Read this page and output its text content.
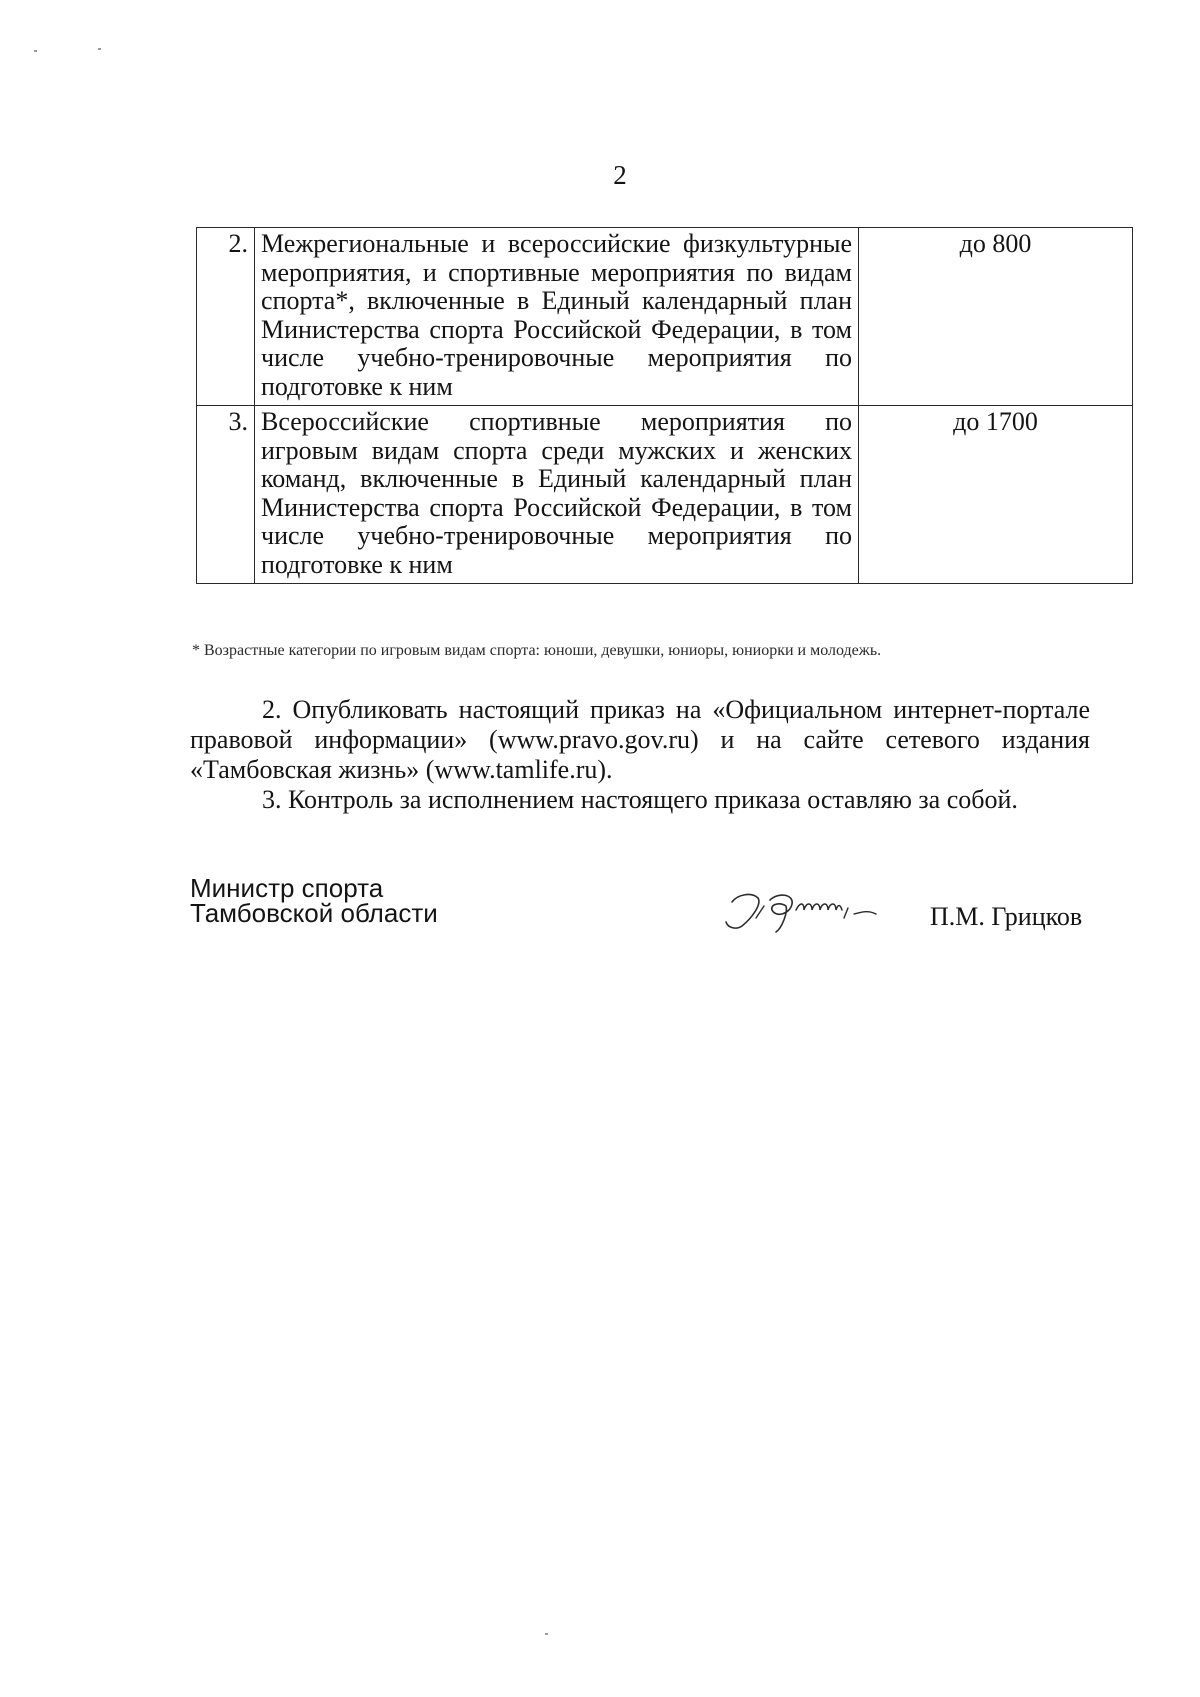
2
2.	Межрегиональные и всероссийские физкультурные мероприятия, и спортивные мероприятия по видам спорта*, включенные в Единый календарный план Министерства спорта Российской Федерации, в том числе учебно-тренировочные мероприятия по подготовке к ним	до 800
3.	Всероссийские спортивные мероприятия по игровым видам спорта среди мужских и женских команд, включенные в Единый календарный план Министерства спорта Российской Федерации, в том числе учебно-тренировочные мероприятия по подготовке к ним	до 1700
* Возрастные категории по игровым видам спорта: юноши, девушки, юниоры, юниорки и молодежь.

2. Опубликовать настоящий приказ на «Официальном интернет-портале правовой информации» (www.pravo.gov.ru) и на сайте сетевого издания «Тамбовская жизнь» (www.tamlife.ru).

3. Контроль за исполнением настоящего приказа оставляю за собой.

Министр спорта
Тамбовской области	П.М. Грицков
